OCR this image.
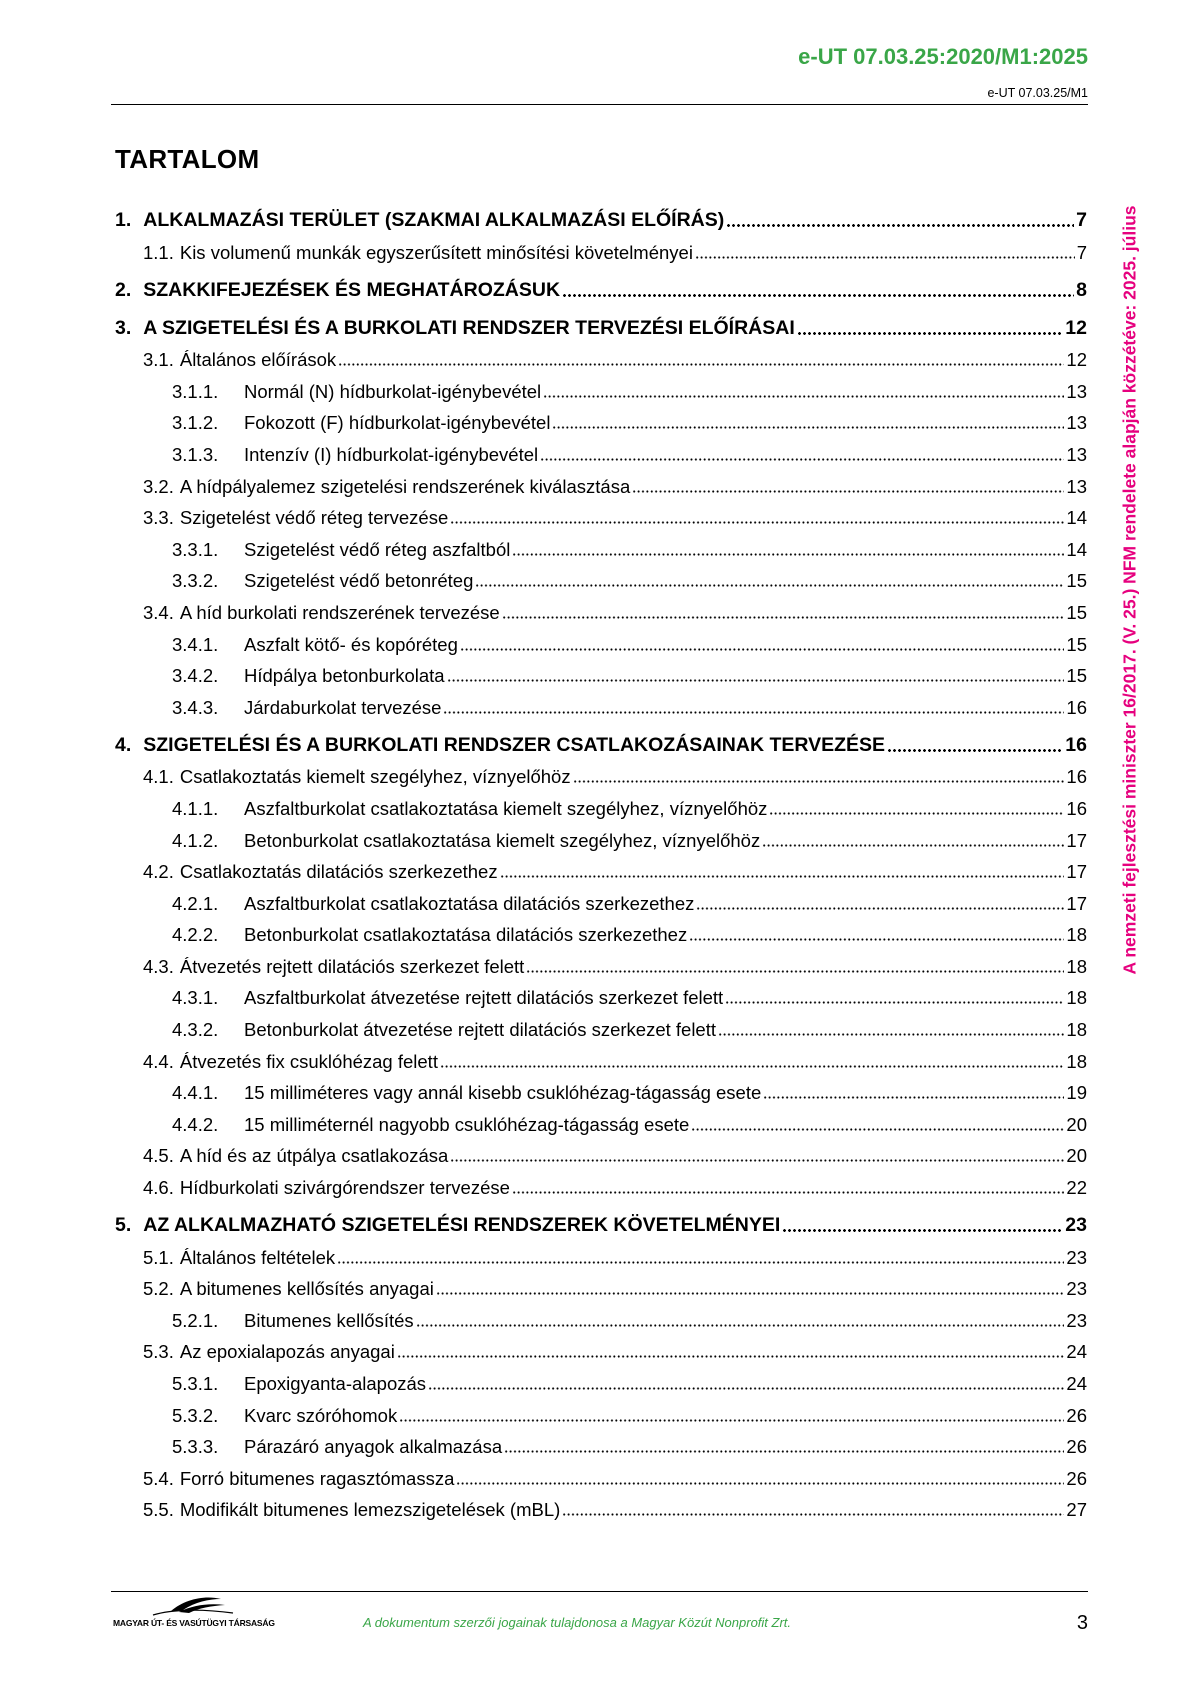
e-UT 07.03.25:2020/M1:2025
e-UT 07.03.25/M1
A nemzeti fejlesztési miniszter 16/2017. (V. 25.) NFM rendelete alapján közzétéve: 2025. július
TARTALOM
1. ALKALMAZÁSI TERÜLET (SZAKMAI ALKALMAZÁSI ELŐÍRÁS)	7
1.1. Kis volumenű munkák egyszerűsített minősítési követelményei	7
2. SZAKKIFEJEZÉSEK ÉS MEGHATÁROZÁSUK	8
3. A SZIGETELÉSI ÉS A BURKOLATI RENDSZER TERVEZÉSI ELŐÍRÁSAI	12
3.1. Általános előírások	12
3.1.1.	Normál (N) hídburkolat-igénybevétel	13
3.1.2.	Fokozott (F) hídburkolat-igénybevétel	13
3.1.3.	Intenzív (I) hídburkolat-igénybevétel	13
3.2. A hídpályalemez szigetelési rendszerének kiválasztása	13
3.3. Szigetelést védő réteg tervezése	14
3.3.1.	Szigetelést védő réteg aszfaltból	14
3.3.2.	Szigetelést védő betonréteg	15
3.4. A híd burkolati rendszerének tervezése	15
3.4.1.	Aszfalt kötő- és kopóréteg	15
3.4.2.	Hídpálya betonburkolata	15
3.4.3.	Járdaburkolat tervezése	16
4. SZIGETELÉSI ÉS A BURKOLATI RENDSZER CSATLAKOZÁSAINAK TERVEZÉSE	16
4.1. Csatlakoztatás kiemelt szegélyhez, víznyelőhöz	16
4.1.1.	Aszfaltburkolat csatlakoztatása kiemelt szegélyhez, víznyelőhöz	16
4.1.2.	Betonburkolat csatlakoztatása kiemelt szegélyhez, víznyelőhöz	17
4.2. Csatlakoztatás dilatációs szerkezethez	17
4.2.1.	Aszfaltburkolat csatlakoztatása dilatációs szerkezethez	17
4.2.2.	Betonburkolat csatlakoztatása dilatációs szerkezethez	18
4.3. Átvezetés rejtett dilatációs szerkezet felett	18
4.3.1.	Aszfaltburkolat átvezetése rejtett dilatációs szerkezet felett	18
4.3.2.	Betonburkolat átvezetése rejtett dilatációs szerkezet felett	18
4.4. Átvezetés fix csuklóhézag felett	18
4.4.1.	15 milliméteres vagy annál kisebb csuklóhézag-tágasság esete	19
4.4.2.	15 milliméternél nagyobb csuklóhézag-tágasság esete	20
4.5. A híd és az útpálya csatlakozása	20
4.6. Hídburkolati szivárgórendszer tervezése	22
5. AZ ALKALMAZHATÓ SZIGETELÉSI RENDSZEREK KÖVETELMÉNYEI	23
5.1. Általános feltételek	23
5.2. A bitumenes kellősítés anyagai	23
5.2.1.	Bitumenes kellősítés	23
5.3. Az epoxialapozás anyagai	24
5.3.1.	Epoxigyanta-alapozás	24
5.3.2.	Kvarc szóróhomok	26
5.3.3.	Párazáró anyagok alkalmazása	26
5.4. Forró bitumenes ragasztómassza	26
5.5. Modifikált bitumenes lemezszigetelések (mBL)	27
MAGYAR ÚT- ÉS VASÚTÜGYI TÁRSASÁG	A dokumentum szerzői jogainak tulajdonosa a Magyar Közút Nonprofit Zrt.	3
